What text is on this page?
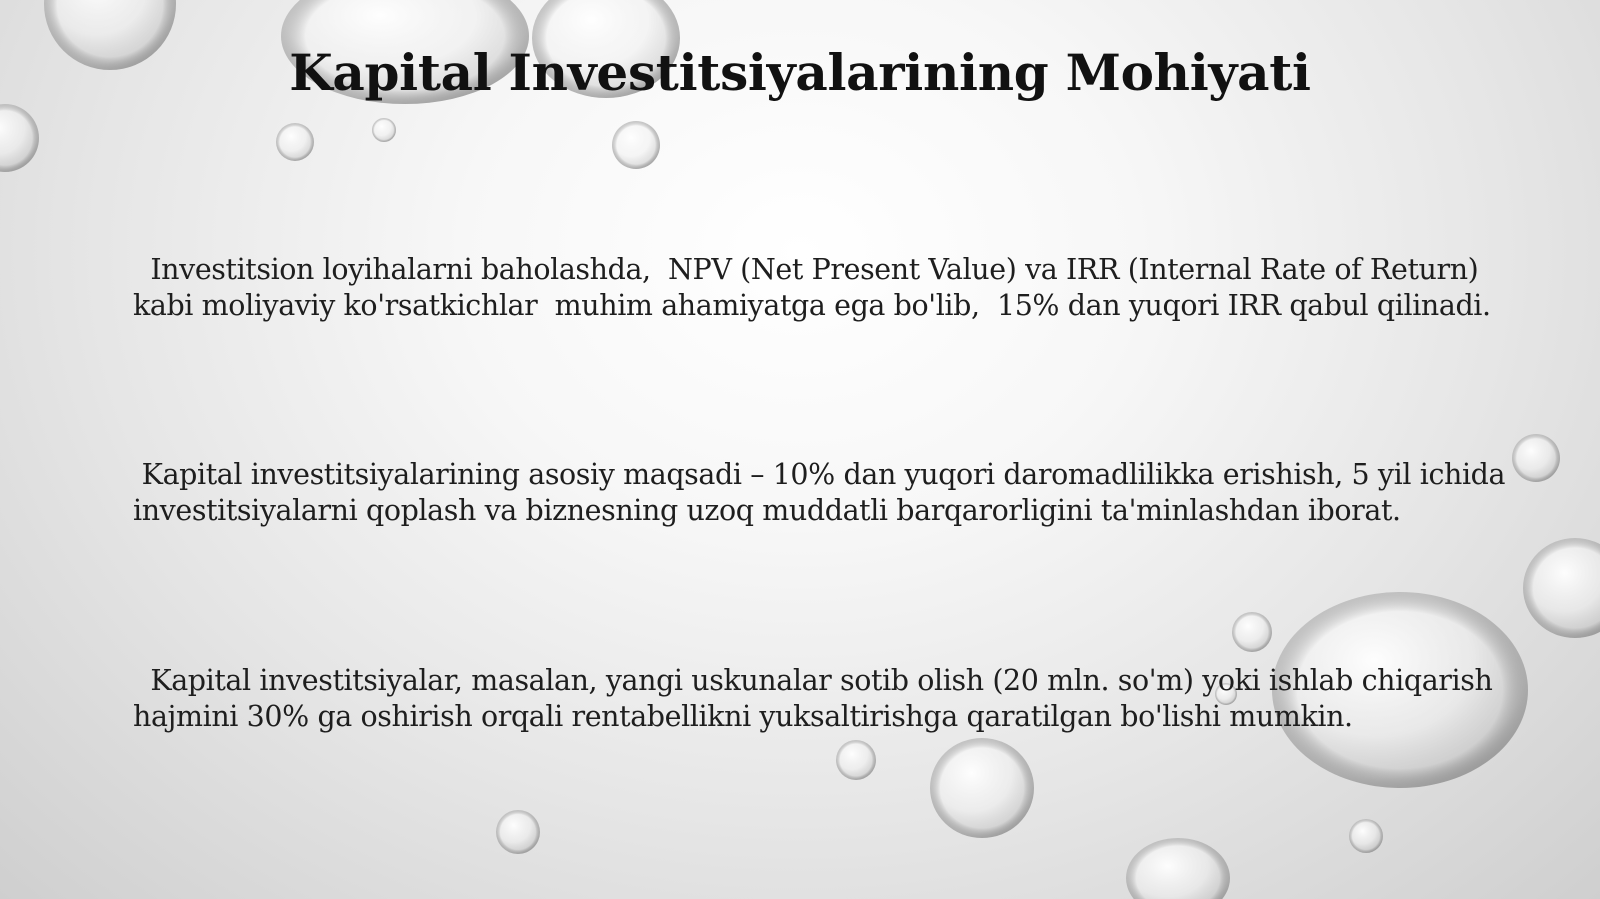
Kapital Investitsiyalarining Mohiyati

Investitsion loyihalarni baholashda,  NPV (Net Present Value) va IRR (Internal Rate of Return) kabi moliyaviy ko'rsatkichlar  muhim ahamiyatga ega bo'lib,  15% dan yuqori IRR qabul qilinadi.

Kapital investitsiyalarining asosiy maqsadi – 10% dan yuqori daromadlilikka erishish, 5 yil ichida investitsiyalarni qoplash va biznesning uzoq muddatli barqarorligini ta'minlashdan iborat.

Kapital investitsiyalar, masalan, yangi uskunalar sotib olish (20 mln. so'm) yoki ishlab chiqarish hajmini 30% ga oshirish orqali rentabellikni yuksaltirishga qaratilgan bo'lishi mumkin.
